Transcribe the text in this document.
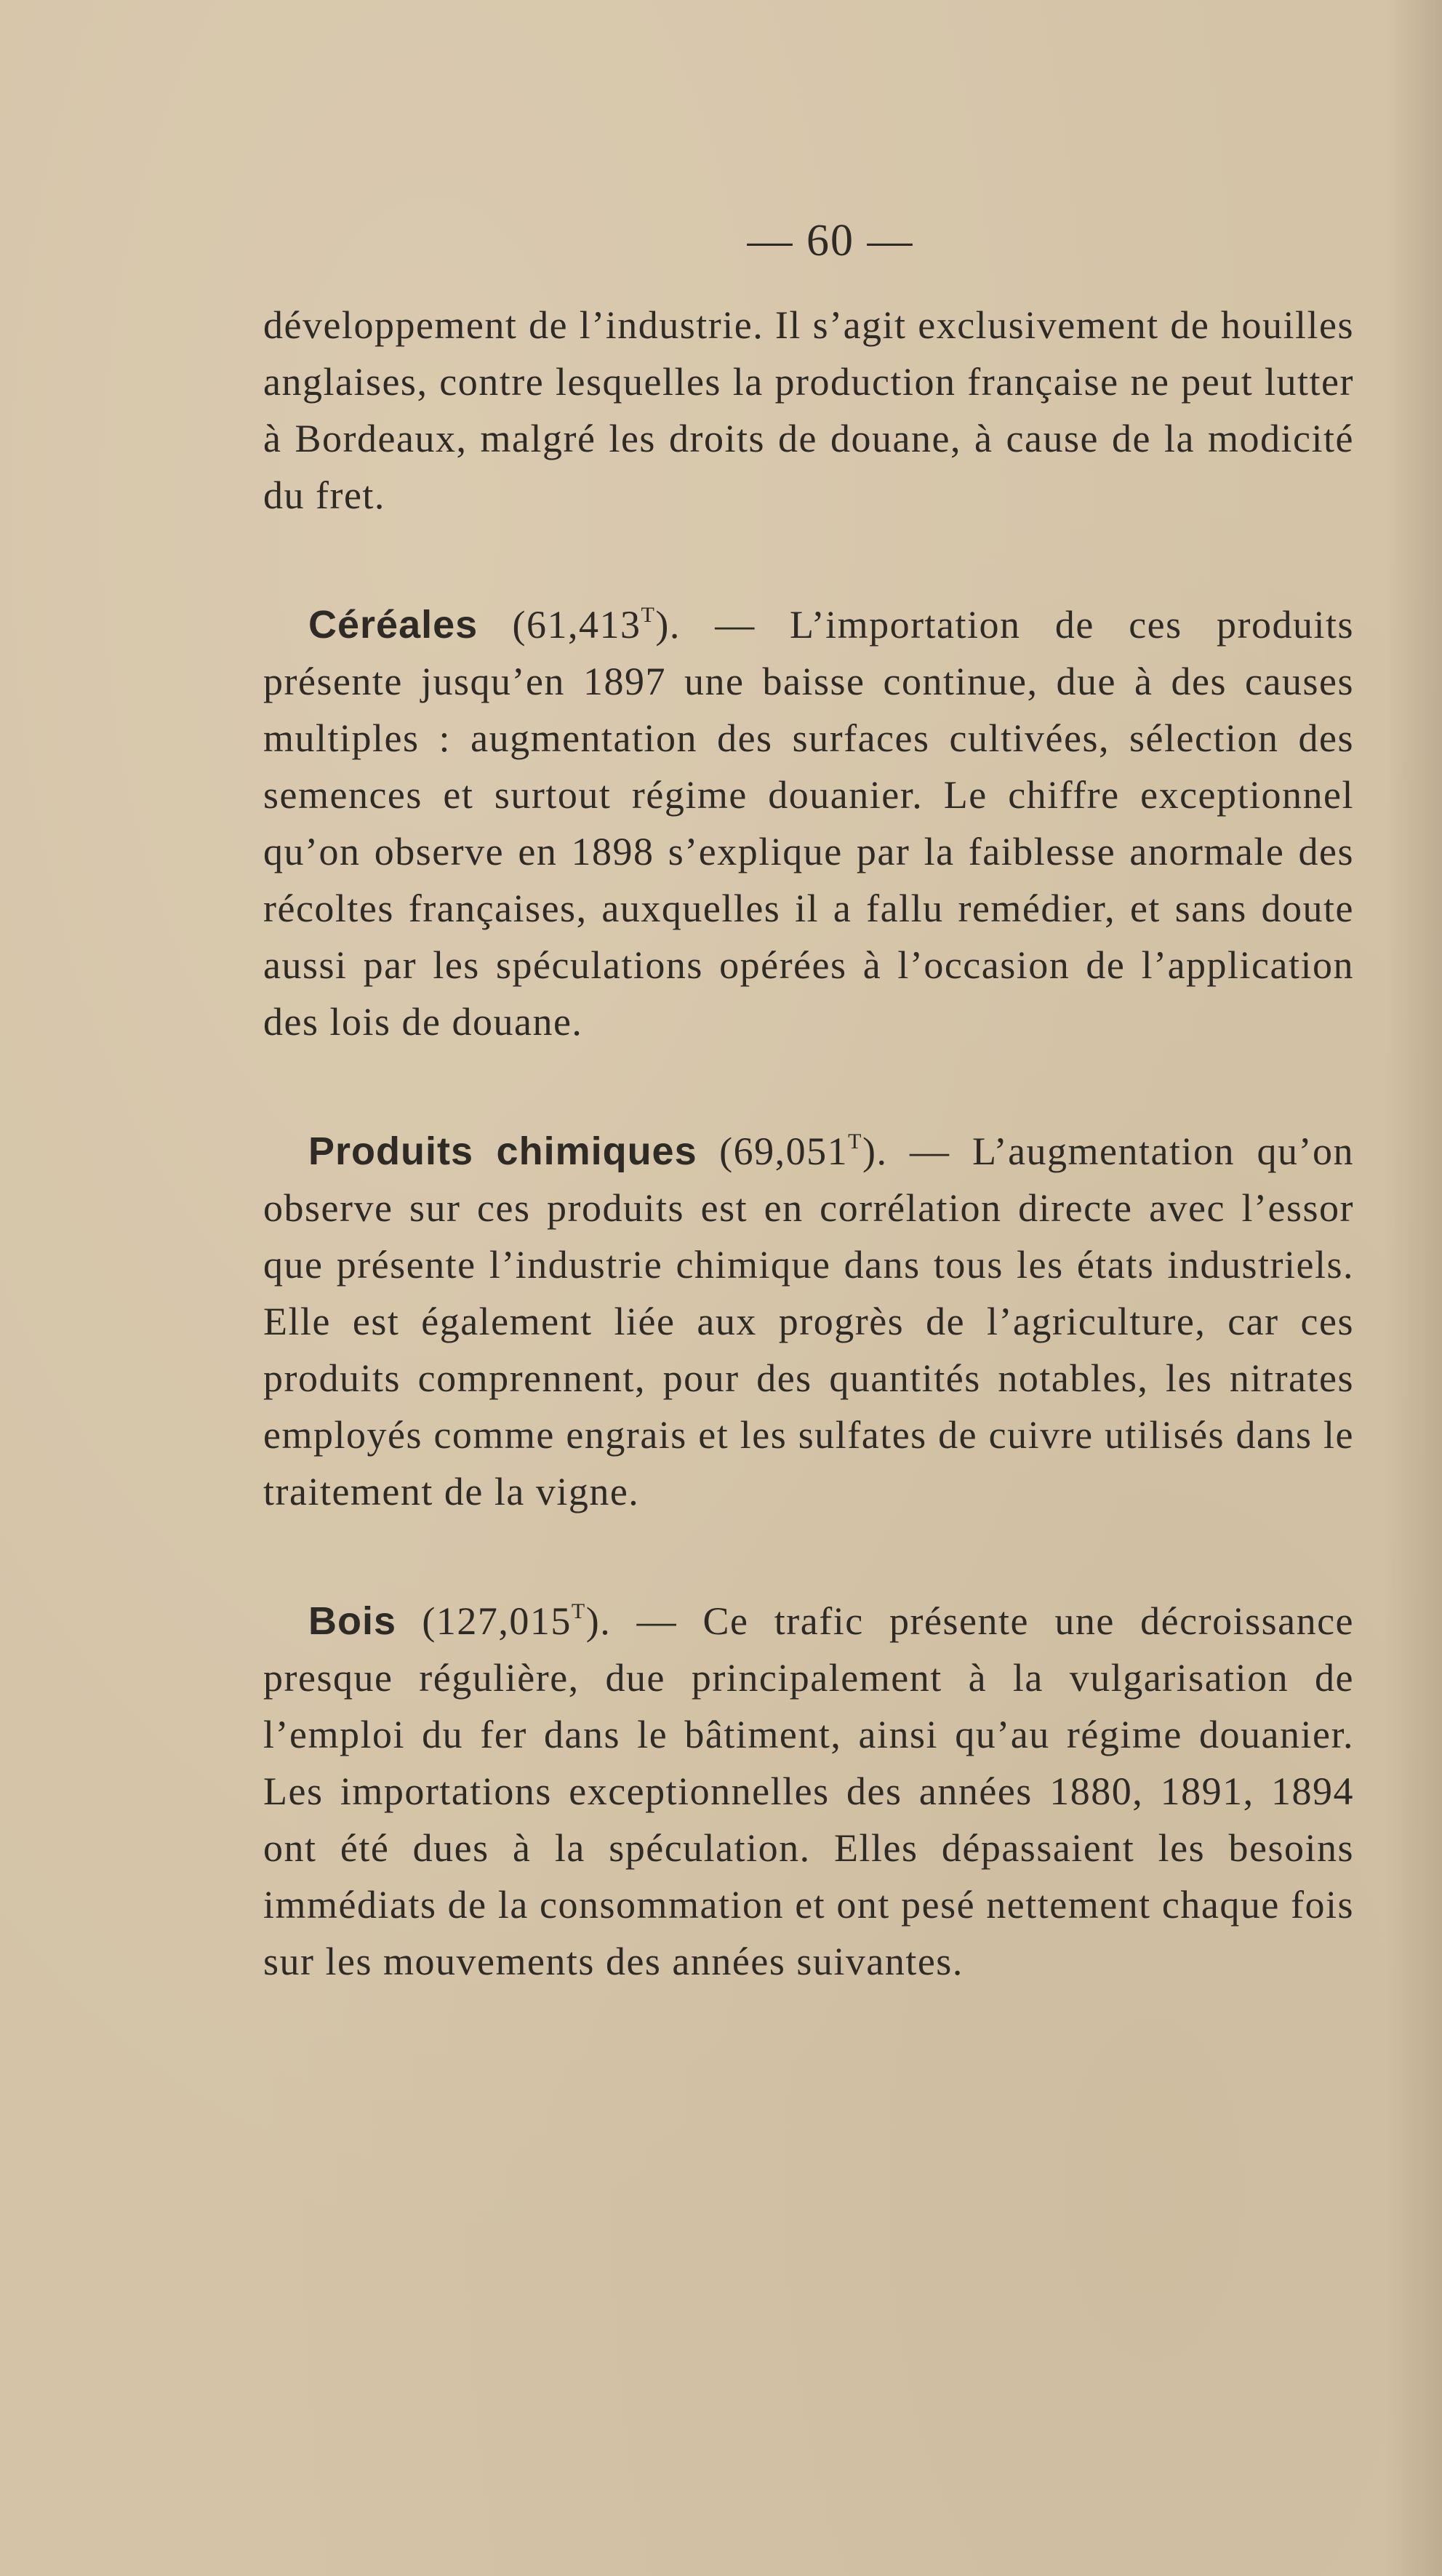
— 60 —

développement de l’industrie. Il s’agit exclusivement de houilles anglaises, contre lesquelles la production française ne peut lutter à Bordeaux, malgré les droits de douane, à cause de la modicité du fret.

Céréales $(61,413^T)$. — L’importation de ces produits présente jusqu’en 1897 une baisse continue, due à des causes multiples : augmentation des surfaces cultivées, sélection des semences et surtout régime douanier. Le chiffre exceptionnel qu’on observe en 1898 s’explique par la faiblesse anormale des récoltes françaises, auxquelles il a fallu remédier, et sans doute aussi par les spéculations opérées à l’occasion de l’application des lois de douane.

Produits chimiques $(69,051^T)$. — L’augmentation qu’on observe sur ces produits est en corrélation directe avec l’essor que présente l’industrie chimique dans tous les états industriels. Elle est également liée aux progrès de l’agriculture, car ces produits comprennent, pour des quantités notables, les nitrates employés comme engrais et les sulfates de cuivre utilisés dans le traitement de la vigne.

Bois $(127,015^T)$. — Ce trafic présente une décroissance presque régulière, due principalement à la vulgarisation de l’emploi du fer dans le bâtiment, ainsi qu’au régime douanier. Les importations exceptionnelles des années 1880, 1891, 1894 ont été dues à la spéculation. Elles dépassaient les besoins immédiats de la consommation et ont pesé nettement chaque fois sur les mouvements des années suivantes.
